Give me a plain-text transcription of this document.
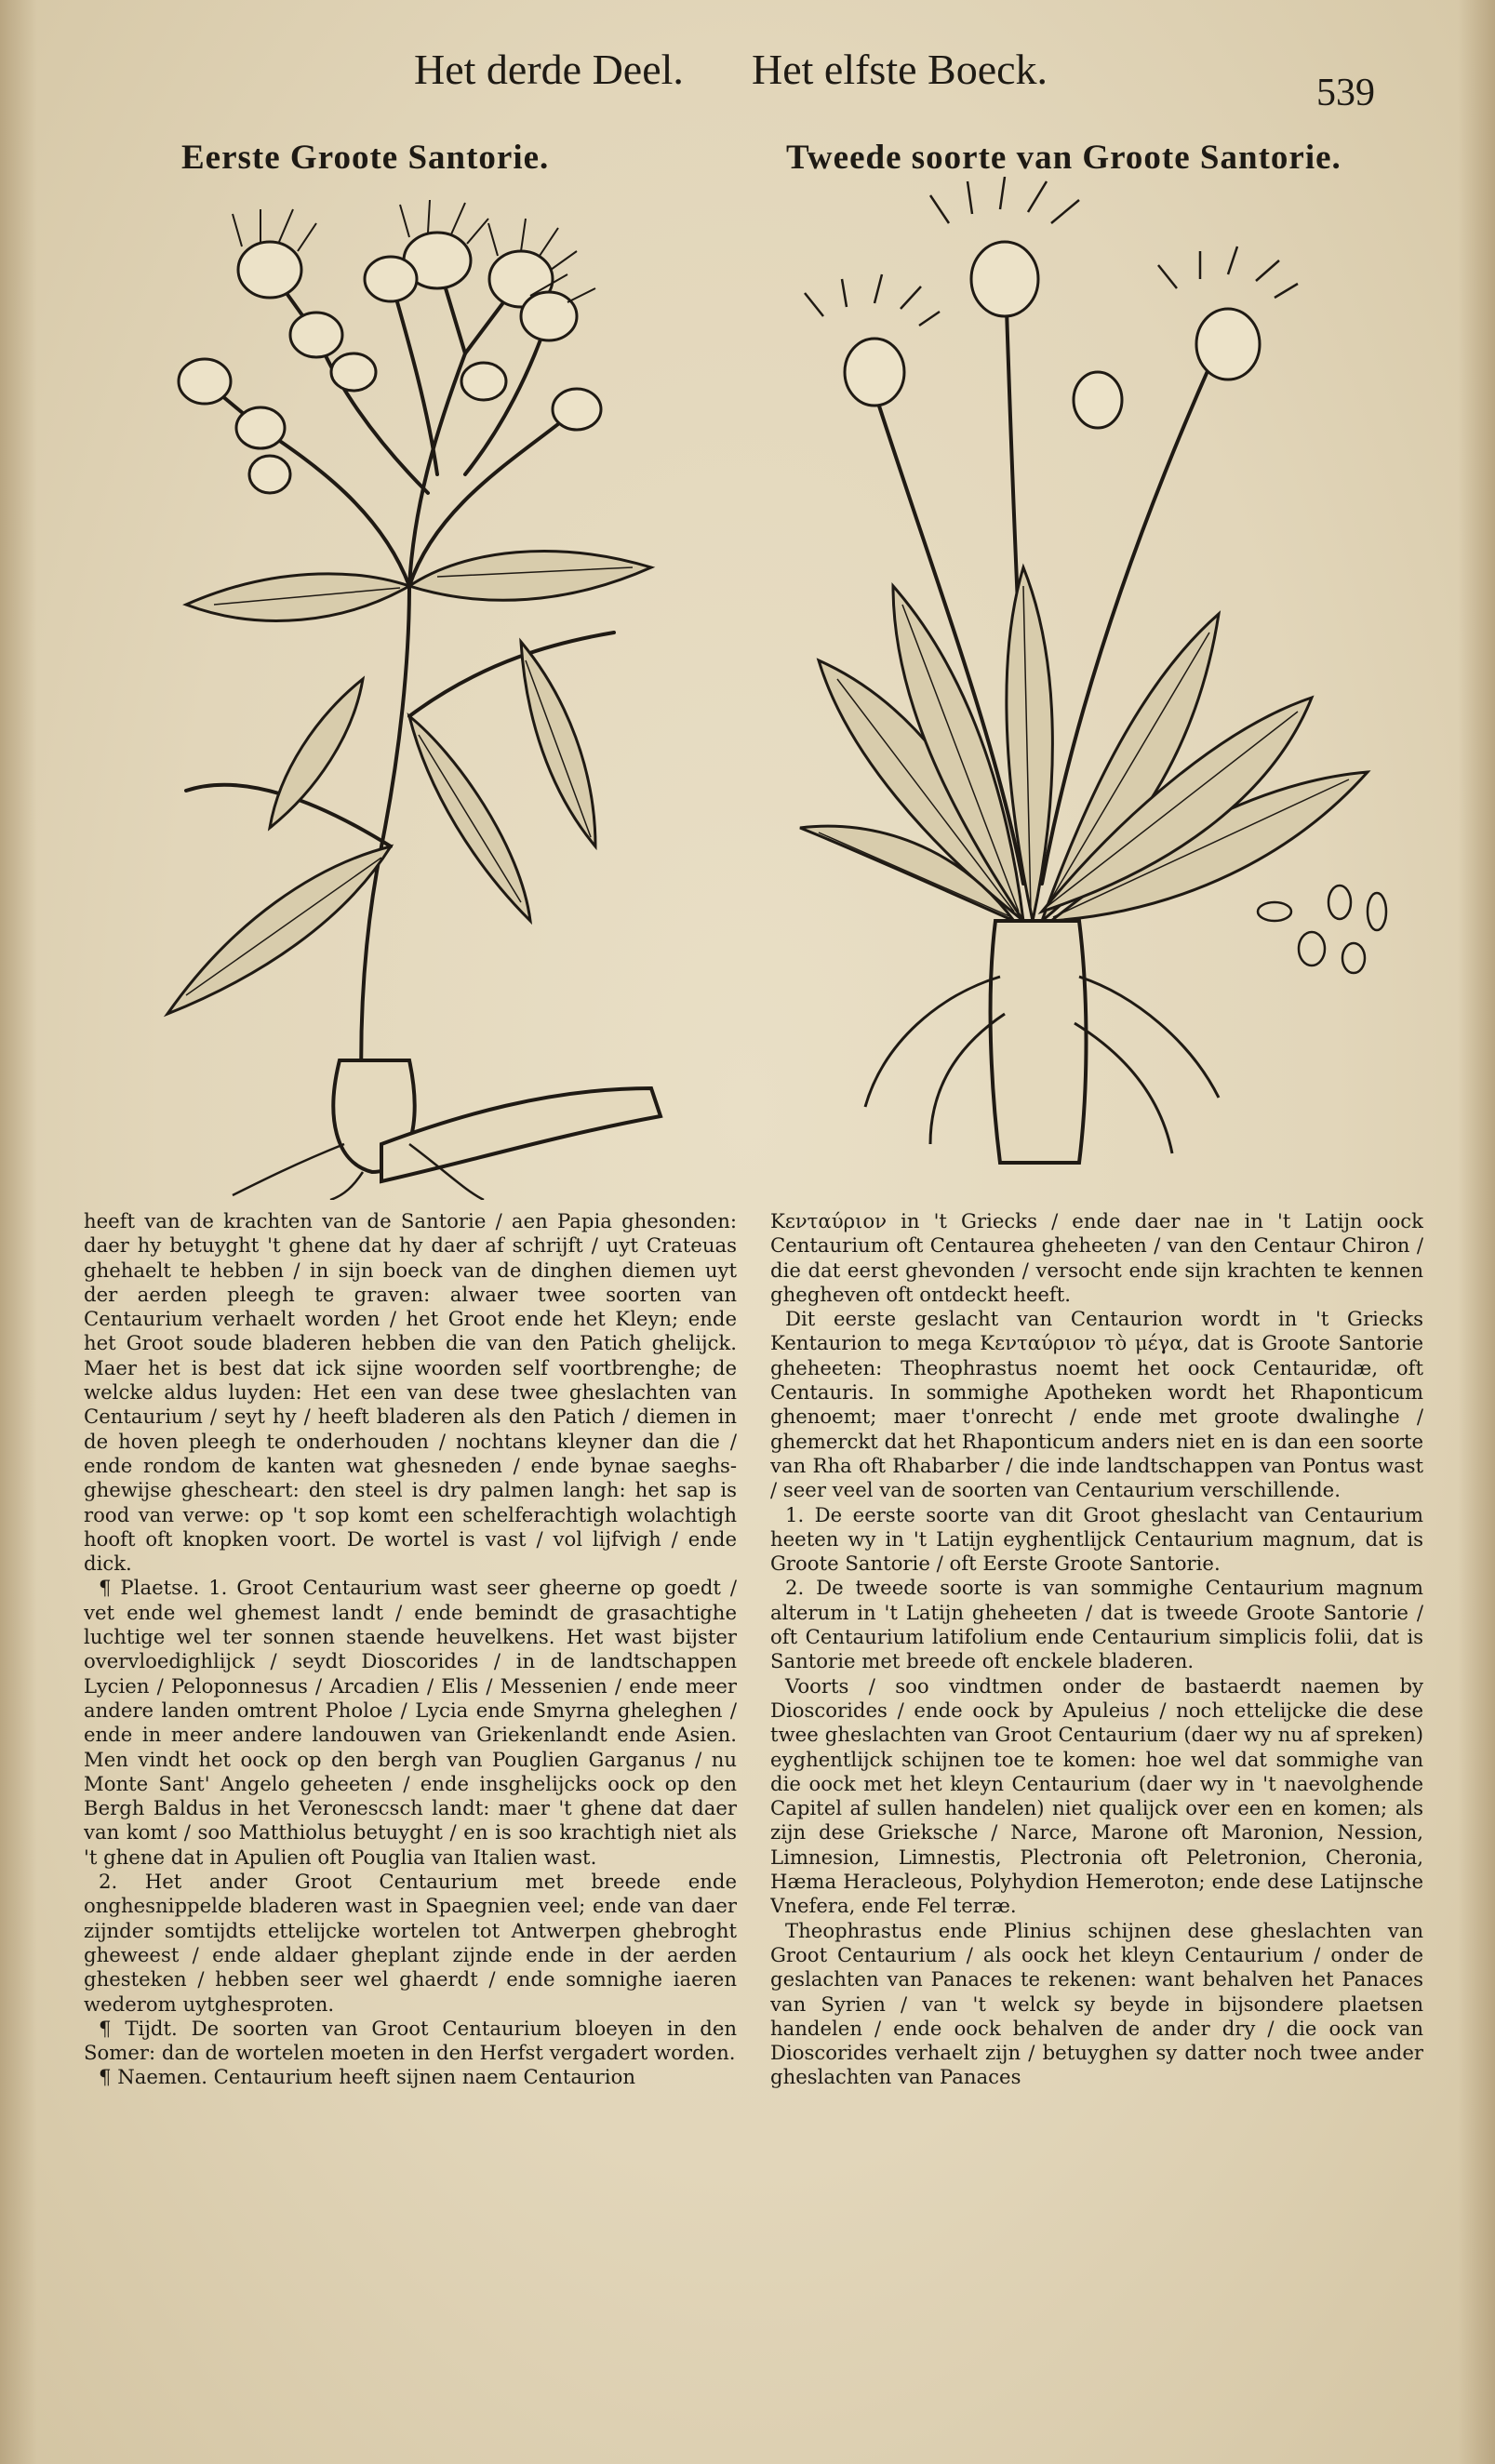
Het derde Deel. Het elfste Boeck.	539
Eerste Groote Santorie.	Tweede soorte van Groote Santorie.

heeft van de krachten van de Santorie / aen Papia ghesonden: daer hy betuyght 't ghene dat hy daer af schrijft / uyt Crateuas ghehaelt te hebben / in sijn boeck van de dinghen diemen uyt der aerden pleegh te graven: alwaer twee soorten van Centaurium verhaelt worden / het Groot ende het Kleyn; ende het Groot soude bladeren hebben die van den Patich ghelijck. Maer het is best dat ick sijne woorden self voortbrenghe; de welcke aldus luyden: Het een van dese twee gheslachten van Centaurium / seyt hy / heeft bladeren als den Patich / diemen in de hoven pleegh te onderhouden / nochtans kleyner dan die / ende rondom de kanten wat ghesneden / ende bynae saeghs-ghewijse ghescheart: den steel is dry palmen langh: het sap is rood van verwe: op 't sop komt een schelferachtigh wolachtigh hooft oft knopken voort. De wortel is vast / vol lijfvigh / ende dick.

¶ Plaetse. 1. Groot Centaurium wast seer gheerne op goedt / vet ende wel ghemest landt / ende bemindt de grasachtighe luchtige wel ter sonnen staende heuvelkens. Het wast bijster overvloedighlijck / seydt Dioscorides / in de landtschappen Lycien / Peloponnesus / Arcadien / Elis / Messenien / ende meer andere landen omtrent Pholoe / Lycia ende Smyrna gheleghen / ende in meer andere landouwen van Griekenlandt ende Asien. Men vindt het oock op den bergh van Pouglien Garganus / nu Monte Sant' Angelo geheeten / ende insghelijcks oock op den Bergh Baldus in het Veronescsch landt: maer 't ghene dat daer van komt / soo Matthiolus betuyght / en is soo krachtigh niet als 't ghene dat in Apulien oft Pouglia van Italien wast.

2. Het ander Groot Centaurium met breede ende onghesnippelde bladeren wast in Spaegnien veel; ende van daer zijnder somtijdts ettelijcke wortelen tot Antwerpen ghebroght gheweest / ende aldaer gheplant zijnde ende in der aerden ghesteken / hebben seer wel ghaerdt / ende somnighe iaeren wederom uytghesproten.

¶ Tijdt. De soorten van Groot Centaurium bloeyen in den Somer: dan de wortelen moeten in den Herfst vergadert worden.

¶ Naemen. Centaurium heeft sijnen naem Centaurion

Κενταύριον in 't Griecks / ende daer nae in 't Latijn oock Centaurium oft Centaurea gheheeten / van den Centaur Chiron / die dat eerst ghevonden / versocht ende sijn krachten te kennen ghegheven oft ontdeckt heeft.

Dit eerste geslacht van Centaurion wordt in 't Griecks Kentaurion to mega Κενταύριον τὸ μέγα, dat is Groote Santorie gheheeten: Theophrastus noemt het oock Centauridæ, oft Centauris. In sommighe Apotheken wordt het Rhaponticum ghenoemt; maer t'onrecht / ende met groote dwalinghe / ghemerckt dat het Rhaponticum anders niet en is dan een soorte van Rha oft Rhabarber / die inde landtschappen van Pontus wast / seer veel van de soorten van Centaurium verschillende.

1. De eerste soorte van dit Groot gheslacht van Centaurium heeten wy in 't Latijn eyghentlijck Centaurium magnum, dat is Groote Santorie / oft Eerste Groote Santorie.

2. De tweede soorte is van sommighe Centaurium magnum alterum in 't Latijn gheheeten / dat is tweede Groote Santorie / oft Centaurium latifolium ende Centaurium simplicis folii, dat is Santorie met breede oft enckele bladeren.

Voorts / soo vindtmen onder de bastaerdt naemen by Dioscorides / ende oock by Apuleius / noch ettelijcke die dese twee gheslachten van Groot Centaurium (daer wy nu af spreken) eyghentlijck schijnen toe te komen: hoe wel dat sommighe van die oock met het kleyn Centaurium (daer wy in 't naevolghende Capitel af sullen handelen) niet qualijck over een en komen; als zijn dese Grieksche / Narce, Marone oft Maronion, Nession, Limnesion, Limnestis, Plectronia oft Peletronion, Cheronia, Hæma Heracleous, Polyhydion Hemeroton; ende dese Latijnsche Vnefera, ende Fel terræ.

Theophrastus ende Plinius schijnen dese gheslachten van Groot Centaurium / als oock het kleyn Centaurium / onder de geslachten van Panaces te rekenen: want behalven het Panaces van Syrien / van 't welck sy beyde in bijsondere plaetsen handelen / ende oock behalven de ander dry / die oock van Dioscorides verhaelt zijn / betuyghen sy datter noch twee ander gheslachten van Panaces
